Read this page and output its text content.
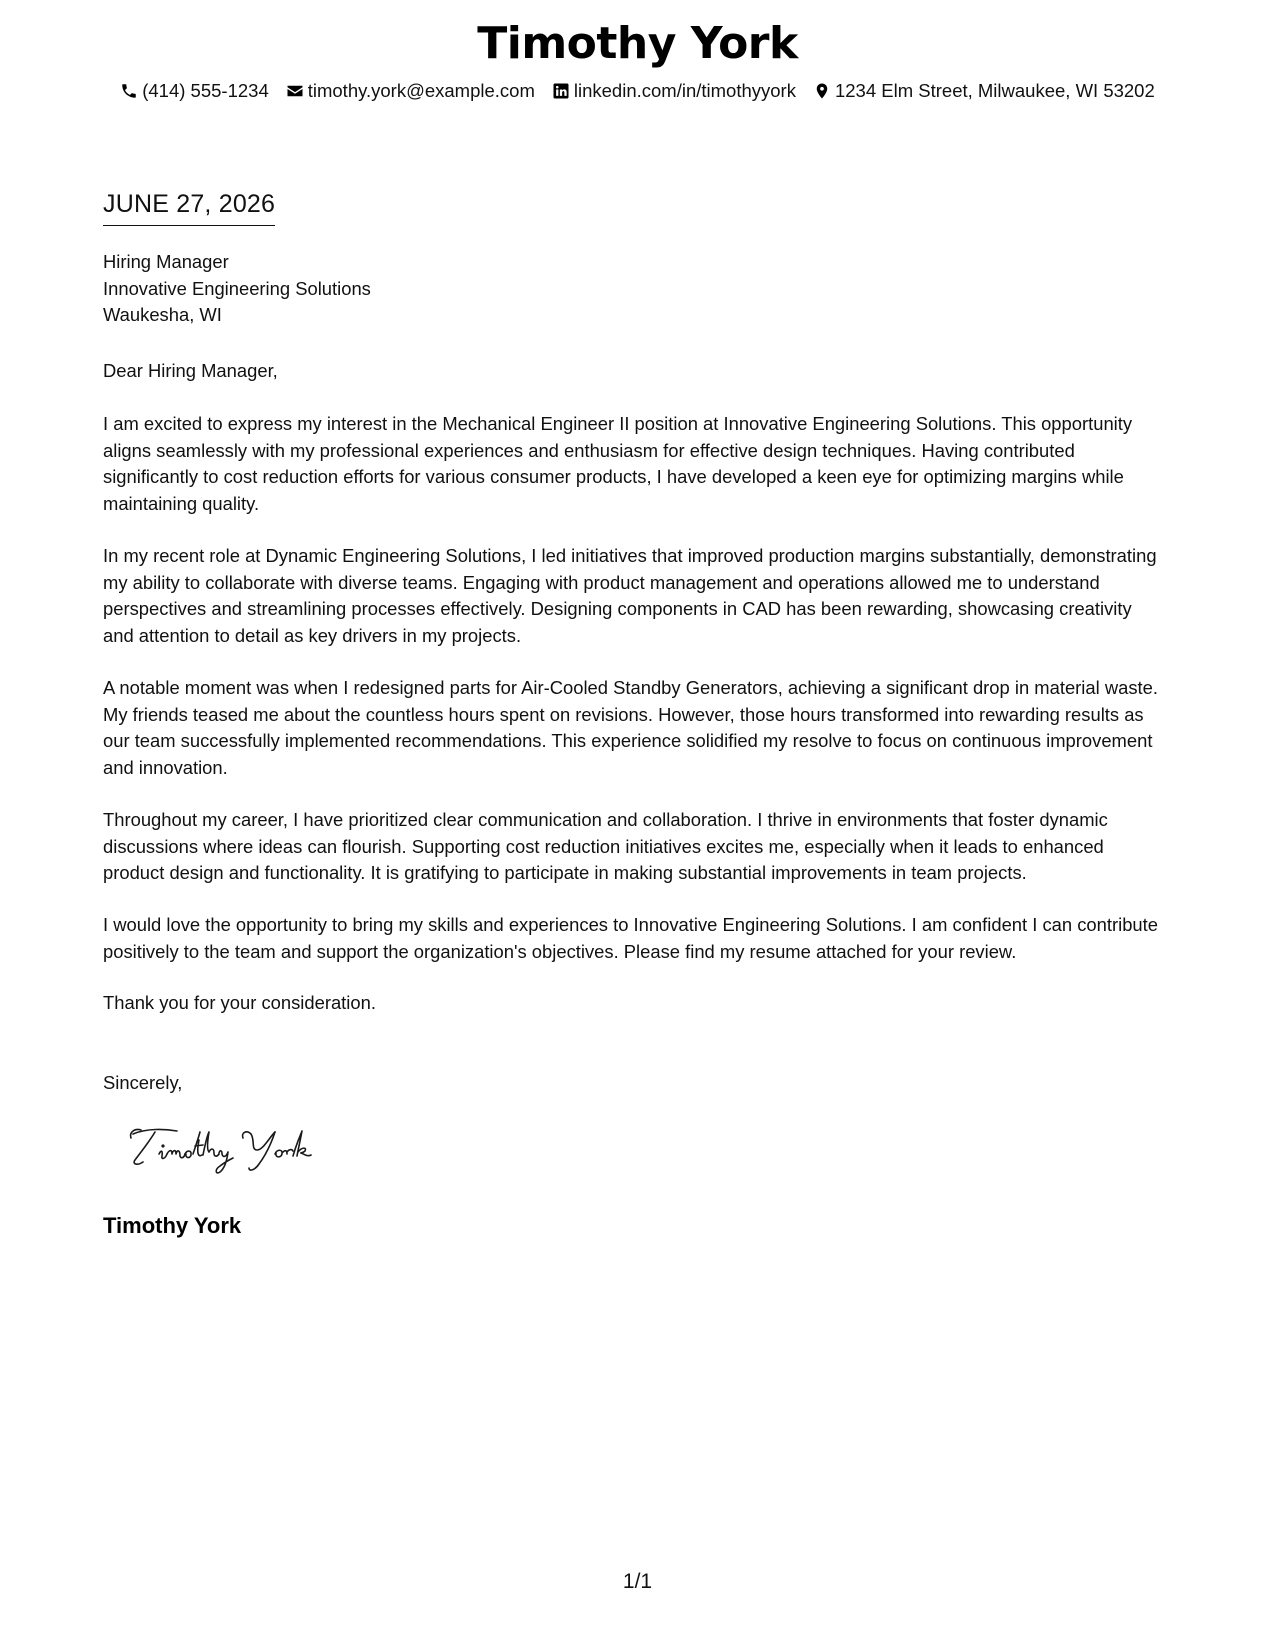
Timothy York
(414) 555-1234 timothy.york@example.com linkedin.com/in/timothyyork 1234 Elm Street, Milwaukee, WI 53202
JUNE 27, 2026
Hiring Manager
Innovative Engineering Solutions
Waukesha, WI
Dear Hiring Manager,

I am excited to express my interest in the Mechanical Engineer II position at Innovative Engineering Solutions. This opportunity aligns seamlessly with my professional experiences and enthusiasm for effective design techniques. Having contributed significantly to cost reduction efforts for various consumer products, I have developed a keen eye for optimizing margins while maintaining quality.

In my recent role at Dynamic Engineering Solutions, I led initiatives that improved production margins substantially, demonstrating my ability to collaborate with diverse teams. Engaging with product management and operations allowed me to understand perspectives and streamlining processes effectively. Designing components in CAD has been rewarding, showcasing creativity and attention to detail as key drivers in my projects.

A notable moment was when I redesigned parts for Air-Cooled Standby Generators, achieving a significant drop in material waste. My friends teased me about the countless hours spent on revisions. However, those hours transformed into rewarding results as our team successfully implemented recommendations. This experience solidified my resolve to focus on continuous improvement and innovation.

Throughout my career, I have prioritized clear communication and collaboration. I thrive in environments that foster dynamic discussions where ideas can flourish. Supporting cost reduction initiatives excites me, especially when it leads to enhanced product design and functionality. It is gratifying to participate in making substantial improvements in team projects.

I would love the opportunity to bring my skills and experiences to Innovative Engineering Solutions. I am confident I can contribute positively to the team and support the organization's objectives. Please find my resume attached for your review.

Thank you for your consideration.
Sincerely,
Timothy York
1/1
